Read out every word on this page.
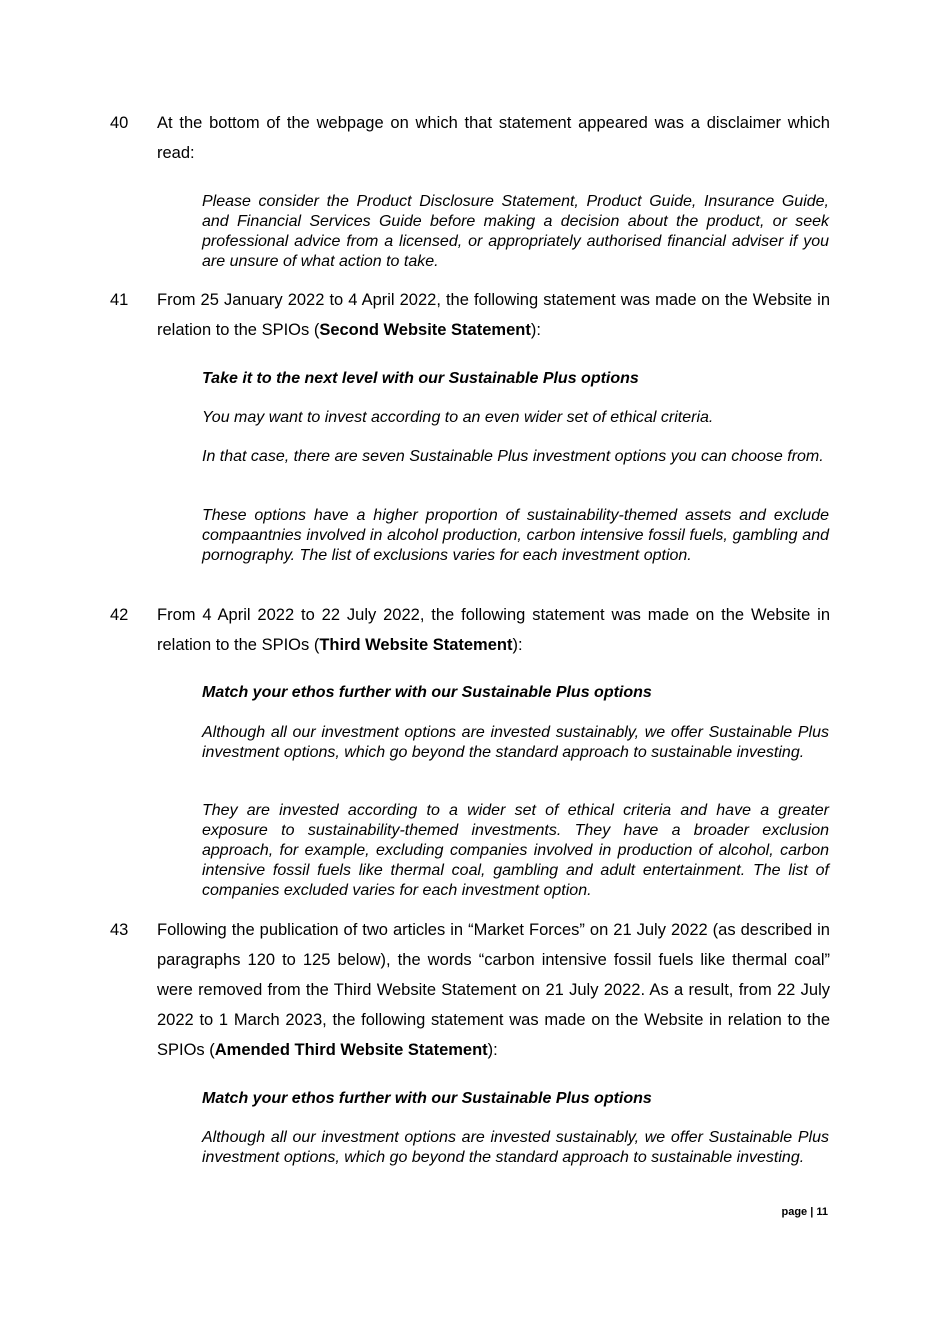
40 At the bottom of the webpage on which that statement appeared was a disclaimer which read:

Please consider the Product Disclosure Statement, Product Guide, Insurance Guide, and Financial Services Guide before making a decision about the product, or seek professional advice from a licensed, or appropriately authorised financial adviser if you are unsure of what action to take.

41 From 25 January 2022 to 4 April 2022, the following statement was made on the Website in relation to the SPIOs (Second Website Statement):

Take it to the next level with our Sustainable Plus options

You may want to invest according to an even wider set of ethical criteria.

In that case, there are seven Sustainable Plus investment options you can choose from.

These options have a higher proportion of sustainability-themed assets and exclude compaantnies involved in alcohol production, carbon intensive fossil fuels, gambling and pornography. The list of exclusions varies for each investment option.

42 From 4 April 2022 to 22 July 2022, the following statement was made on the Website in relation to the SPIOs (Third Website Statement):

Match your ethos further with our Sustainable Plus options

Although all our investment options are invested sustainably, we offer Sustainable Plus investment options, which go beyond the standard approach to sustainable investing.

They are invested according to a wider set of ethical criteria and have a greater exposure to sustainability-themed investments. They have a broader exclusion approach, for example, excluding companies involved in production of alcohol, carbon intensive fossil fuels like thermal coal, gambling and adult entertainment. The list of companies excluded varies for each investment option.

43 Following the publication of two articles in “Market Forces” on 21 July 2022 (as described in paragraphs 120 to 125 below), the words “carbon intensive fossil fuels like thermal coal” were removed from the Third Website Statement on 21 July 2022. As a result, from 22 July 2022 to 1 March 2023, the following statement was made on the Website in relation to the SPIOs (Amended Third Website Statement):

Match your ethos further with our Sustainable Plus options

Although all our investment options are invested sustainably, we offer Sustainable Plus investment options, which go beyond the standard approach to sustainable investing.

page | 11
